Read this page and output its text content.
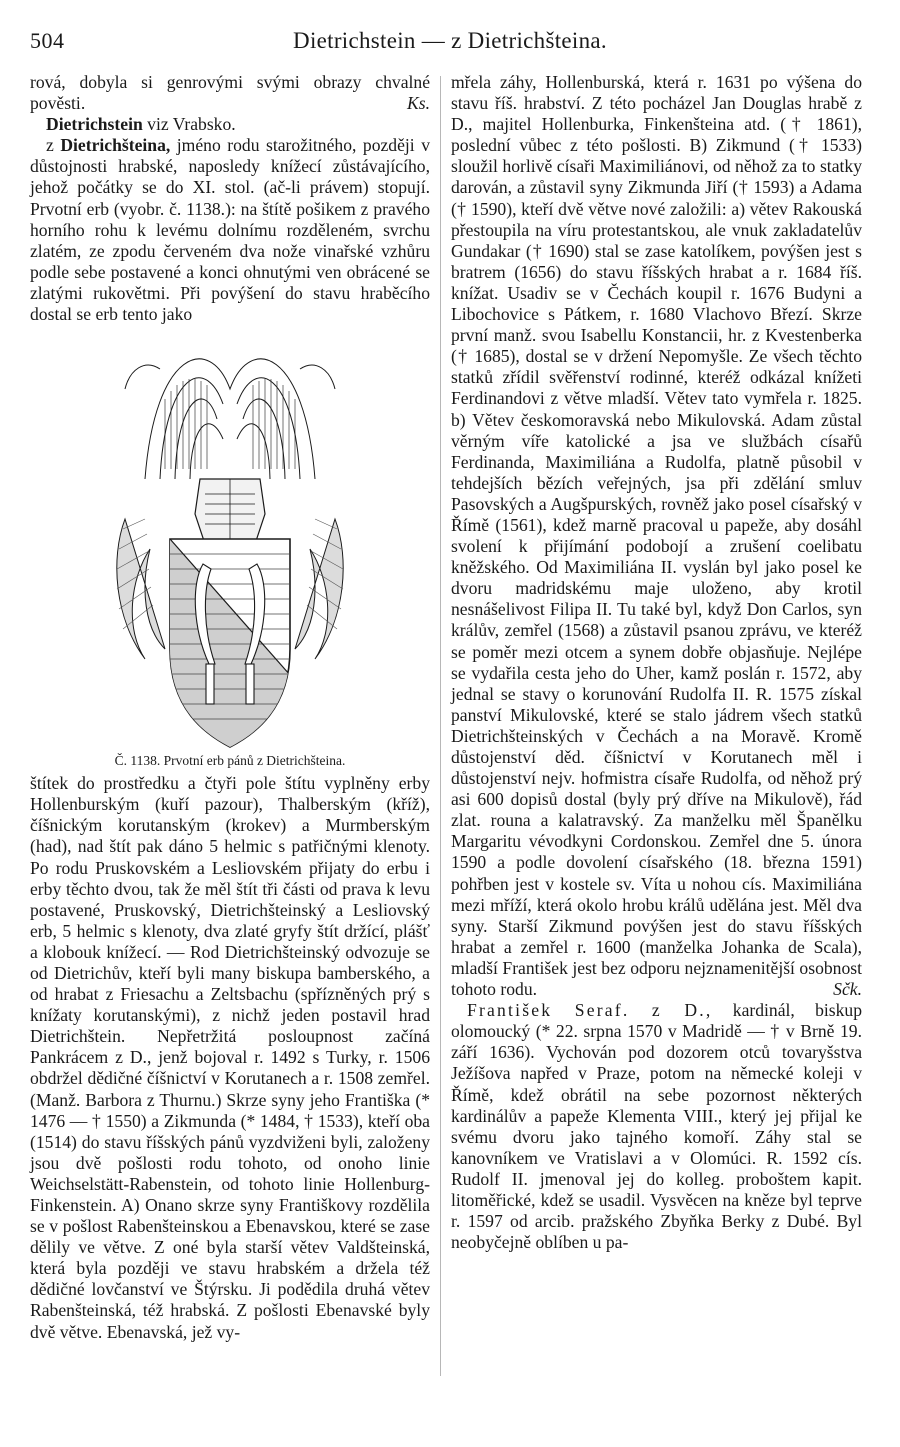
504	Dietrichstein — z Dietrichšteina.

rová, dobyla si genrovými svými obrazy chvalné pověsti.	Ks.

Dietrichstein viz Vrabsko.

z Dietrichšteina, jméno rodu starožitného, později v důstojnosti hrabské, naposledy knížecí zůstávajícího, jehož počátky se do XI. stol. (ač-li právem) stopují. Prvotní erb (vyobr. č. 1138.): na štítě pošikem z pravého horního rohu k levému dolnímu rozděleném, svrchu zlatém, ze zpodu červeném dva nože vinařské vzhůru podle sebe postavené a konci ohnutými ven obrácené se zlatými rukovětmi. Při povýšení do stavu hraběcího dostal se erb tento jako

Č. 1138. Prvotní erb pánů z Dietrichšteina.

štítek do prostředku a čtyři pole štítu vyplněny erby Hollenburským (kuří pazour), Thalberským (kříž), číšnickým korutanským (krokev) a Murmberským (had), nad štít pak dáno 5 helmic s patřičnými klenoty. Po rodu Pruskovském a Lesliovském přijaty do erbu i erby těchto dvou, tak že měl štít tři části od prava k levu postavené, Pruskovský, Dietrichšteinský a Lesliovský erb, 5 helmic s klenoty, dva zlaté gryfy štít držící, plášť a klobouk knížecí. — Rod Dietrichšteinský odvozuje se od Dietrichův, kteří byli many biskupa bamberského, a od hrabat z Friesachu a Zeltsbachu (spřízněných prý s knížaty korutanskými), z nichž jeden postavil hrad Dietrichštein. Nepřetržitá posloupnost začíná Pankrácem z D., jenž bojoval r. 1492 s Turky, r. 1506 obdržel dědičné číšnictví v Korutanech a r. 1508 zemřel. (Manž. Barbora z Thurnu.) Skrze syny jeho Františka (* 1476 — † 1550) a Zikmunda (* 1484, † 1533), kteří oba (1514) do stavu říšských pánů vyzdviženi byli, založeny jsou dvě pošlosti rodu tohoto, od onoho linie Weichselstätt-Rabenstein, od tohoto linie Hollenburg-Finkenstein. A) Onano skrze syny Františkovy rozdělila se v pošlost Rabenšteinskou a Ebenavskou, které se zase dělily ve větve. Z oné byla starší větev Valdšteinská, která byla později ve stavu hrabském a držela též dědičné lovčanství ve Štýrsku. Ji podědila druhá větev Rabenšteinská, též hrabská. Z pošlosti Ebenavské byly dvě větve. Ebenavská, jež vy-

mřela záhy, Hollenburská, která r. 1631 po výšena do stavu říš. hrabství. Z této pocházel Jan Douglas hrabě z D., majitel Hollenburka, Finkenšteina atd. († 1861), poslední vůbec z této pošlosti. B) Zikmund († 1533) sloužil horlivě císaři Maximiliánovi, od něhož za to statky darován, a zůstavil syny Zikmunda Jiří († 1593) a Adama († 1590), kteří dvě větve nové založili: a) větev Rakouská přestoupila na víru protestantskou, ale vnuk zakladatelův Gundakar († 1690) stal se zase katolíkem, povýšen jest s bratrem (1656) do stavu říšských hrabat a r. 1684 říš. knížat. Usadiv se v Čechách koupil r. 1676 Budyni a Libochovice s Pátkem, r. 1680 Vlachovo Březí. Skrze první manž. svou Isabellu Konstancii, hr. z Kvestenberka († 1685), dostal se v držení Nepomyšle. Ze všech těchto statků zřídil svěřenství rodinné, kteréž odkázal knížeti Ferdinandovi z větve mladší. Větev tato vymřela r. 1825. b) Větev českomoravská nebo Mikulovská. Adam zůstal věrným víře katolické a jsa ve službách císařů Ferdinanda, Maximiliána a Rudolfa, platně působil v tehdejších bězích veřejných, jsa při zdělání smluv Pasovských a Augšpurských, rovněž jako posel císařský v Římě (1561), kdež marně pracoval u papeže, aby dosáhl svolení k přijímání podobojí a zrušení coelibatu kněžského. Od Maximiliána II. vyslán byl jako posel ke dvoru madridskému maje uloženo, aby krotil nesnášelivost Filipa II. Tu také byl, když Don Carlos, syn králův, zemřel (1568) a zůstavil psanou zprávu, ve kteréž se poměr mezi otcem a synem dobře objasňuje. Nejlépe se vydařila cesta jeho do Uher, kamž poslán r. 1572, aby jednal se stavy o korunování Rudolfa II. R. 1575 získal panství Mikulovské, které se stalo jádrem všech statků Dietrichšteinských v Čechách a na Moravě. Kromě důstojenství děd. číšnictví v Korutanech měl i důstojenství nejv. hofmistra císaře Rudolfa, od něhož prý asi 600 dopisů dostal (byly prý dříve na Mikulově), řád zlat. rouna a kalatravský. Za manželku měl Španělku Margaritu vévodkyni Cordonskou. Zemřel dne 5. února 1590 a podle dovolení císařského (18. března 1591) pohřben jest v kostele sv. Víta u nohou cís. Maximiliána mezi mříží, která okolo hrobu králů udělána jest. Měl dva syny. Starší Zikmund povýšen jest do stavu říšských hrabat a zemřel r. 1600 (manželka Johanka de Scala), mladší František jest bez odporu nejznamenitější osobnost tohoto rodu.	Sčk.

František Seraf. z D., kardinál, biskup olomoucký (* 22. srpna 1570 v Madridě — † v Brně 19. září 1636). Vychován pod dozorem otců tovaryšstva Ježíšova napřed v Praze, potom na německé koleji v Římě, kdež obrátil na sebe pozornost některých kardinálův a papeže Klementa VIII., který jej přijal ke svému dvoru jako tajného komoří. Záhy stal se kanovníkem ve Vratislavi a v Olomúci. R. 1592 cís. Rudolf II. jmenoval jej do kolleg. proboštem kapit. litoměřické, kdež se usadil. Vysvěcen na kněze byl teprve r. 1597 od arcib. pražského Zbyňka Berky z Dubé. Byl neobyčejně oblíben u pa-
